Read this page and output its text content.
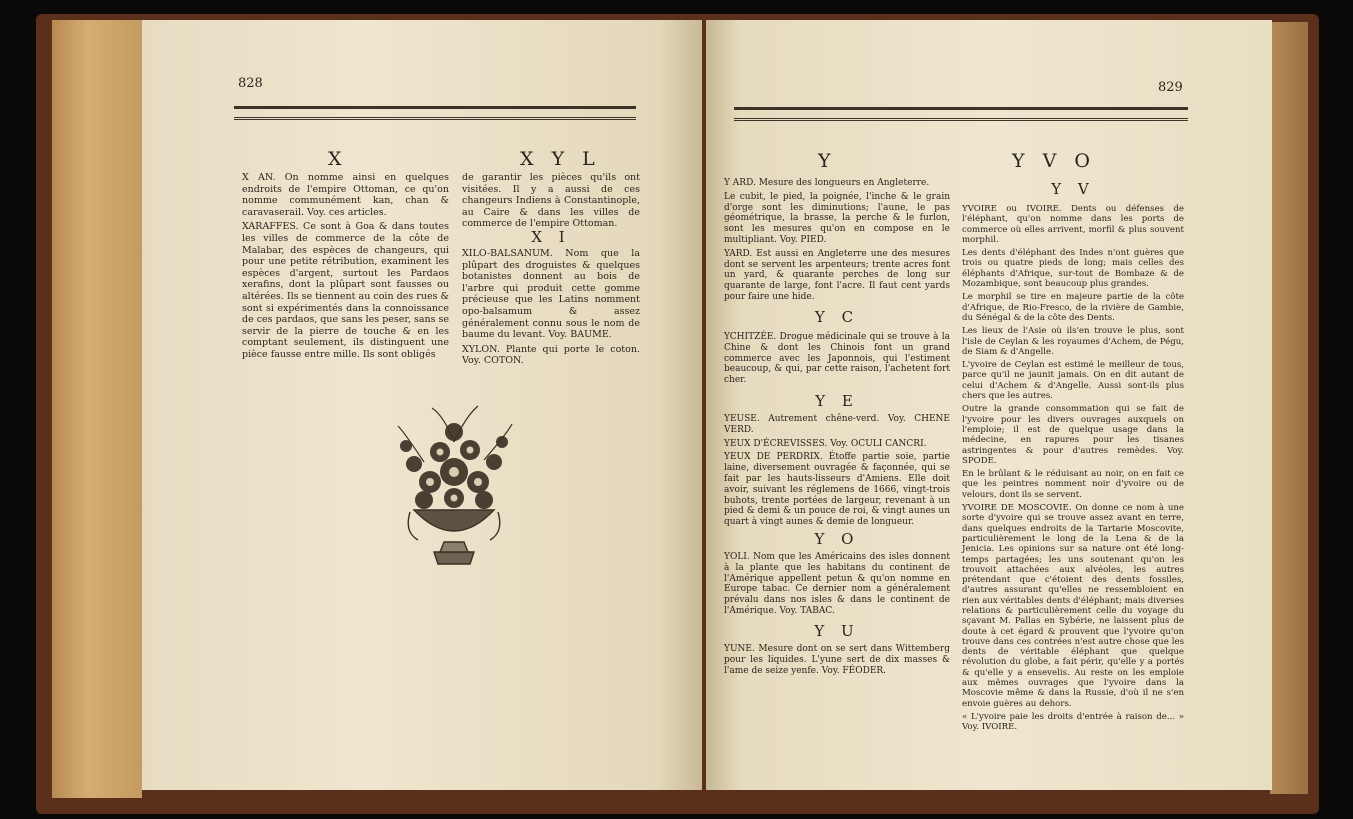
828
X	X Y L

X AN. On nomme ainsi en quelques endroits de l'empire Ottoman, ce qu'on nomme communément kan, chan & caravaserail. Voy. ces articles.

XARAFFES. Ce sont à Goa & dans toutes les villes de commerce de la côte de Malabar, des espèces de changeurs, qui pour une petite rétribution, examinent les espèces d'argent, surtout les Pardaos xerafins, dont la plûpart sont fausses ou altérées. Ils se tiennent au coin des rues & sont si expérimentés dans la connoissance de ces pardaos, que sans les peser, sans se servir de la pierre de touche & en les comptant seulement, ils distinguent une pièce fausse entre mille. Ils sont obligés

de garantir les pièces qu'ils ont visitées. Il y a aussi de ces changeurs Indiens à Constantinople, au Caire & dans les villes de commerce de l'empire Ottoman.

X I

XILO-BALSANUM. Nom que la plûpart des droguistes & quelques botanistes donnent au bois de l'arbre qui produit cette gomme précieuse que les Latins nomment opo-balsamum & assez généralement connu sous le nom de baume du levant. Voy. BAUME.

XYLON. Plante qui porte le coton. Voy. COTON.

829
Y	Y V O

Y ARD. Mesure des longueurs en Angleterre.

Le cubit, le pied, la poignée, l'inche & le grain d'orge sont les diminutions; l'aune, le pas géométrique, la brasse, la perche & le furlon, sont les mesures qu'on en compose en le multipliant. Voy. PIED.

YARD. Est aussi en Angleterre une des mesures dont se servent les arpenteurs; trente acres font un yard, & quarante perches de long sur quarante de large, font l'acre. Il faut cent yards pour faire une hide.

Y C

YCHITZÉE. Drogue médicinale qui se trouve à la Chine & dont les Chinois font un grand commerce avec les Japonnois, qui l'estiment beaucoup, & qui, par cette raison, l'achetent fort cher.

Y E

YEUSE. Autrement chêne-verd. Voy. CHENE VERD.

YEUX D'ÉCREVISSES. Voy. OCULI CANCRI.

YEUX DE PERDRIX. Étoffe partie soie, partie laine, diversement ouvragée & façonnée, qui se fait par les hauts-lisseurs d'Amiens. Elle doit avoir, suivant les réglemens de 1666, vingt-trois buhots, trente portées de largeur, revenant à un pied & demi & un pouce de roi, & vingt aunes un quart à vingt aunes & demie de longueur.

Y O

YOLI. Nom que les Américains des isles donnent à la plante que les habitans du continent de l'Amérique appellent petun & qu'on nomme en Europe tabac. Ce dernier nom a généralement prévalu dans nos isles & dans le continent de l'Amérique. Voy. TABAC.

Y U

YUNE. Mesure dont on se sert dans Wittemberg pour les liquides. L'yune sert de dix masses & l'ame de seize yenfe. Voy. FÉODER.

Y V

YVOIRE ou IVOIRE. Dents ou défenses de l'éléphant, qu'on nomme dans les ports de commerce où elles arrivent, morfil & plus souvent morphil.

Les dents d'éléphant des Indes n'ont guères que trois ou quatre pieds de long; mais celles des éléphants d'Afrique, sur-tout de Bombaze & de Mozambique, sont beaucoup plus grandes.

Le morphil se tire en majeure partie de la côte d'Afrique, de Rio-Fresco, de la rivière de Gambie, du Sénégal & de la côte des Dents.

Les lieux de l'Asie où ils'en trouve le plus, sont l'isle de Ceylan & les royaumes d'Achem, de Pégu, de Siam & d'Angelle.

L'yvoire de Ceylan est estimé le meilleur de tous, parce qu'il ne jaunit jamais. On en dit autant de celui d'Achem & d'Angelle. Aussi sont-ils plus chers que les autres.

Outre la grande consommation qui se fait de l'yvoire pour les divers ouvrages auxquels on l'emploie; il est de quelque usage dans la médecine, en rapures pour les tisanes astringentes & pour d'autres remèdes. Voy. SPODE.

En le brûlant & le réduisant au noir, on en fait ce que les peintres nomment noir d'yvoire ou de velours, dont ils se servent.

YVOIRE DE MOSCOVIE. On donne ce nom à une sorte d'yvoire qui se trouve assez avant en terre, dans quelques endroits de la Tartarie Moscovite, particulièrement le long de la Lena & de la Jenicia. Les opinions sur sa nature ont été long-temps partagées; les uns soutenant qu'on les trouvoit attachées aux alvéoles, les autres prétendant que c'étoient des dents fossiles, d'autres assurant qu'elles ne ressembloient en rien aux véritables dents d'éléphant; mais diverses relations & particulièrement celle du voyage du sçavant M. Pallas en Sybérie, ne laissent plus de doute à cet égard & prouvent que l'yvoire qu'on trouve dans ces contrées n'est autre chose que les dents de véritable éléphant que quelque révolution du globe, a fait périr, qu'elle y a portés & qu'elle y a ensevelis. Au reste on les emploie aux mêmes ouvrages que l'yvoire dans la Moscovie même & dans la Russie, d'où il ne s'en envoie guères au dehors.

« L'yvoire paie les droits d'entrée à raison de... » Voy. IVOIRE.
